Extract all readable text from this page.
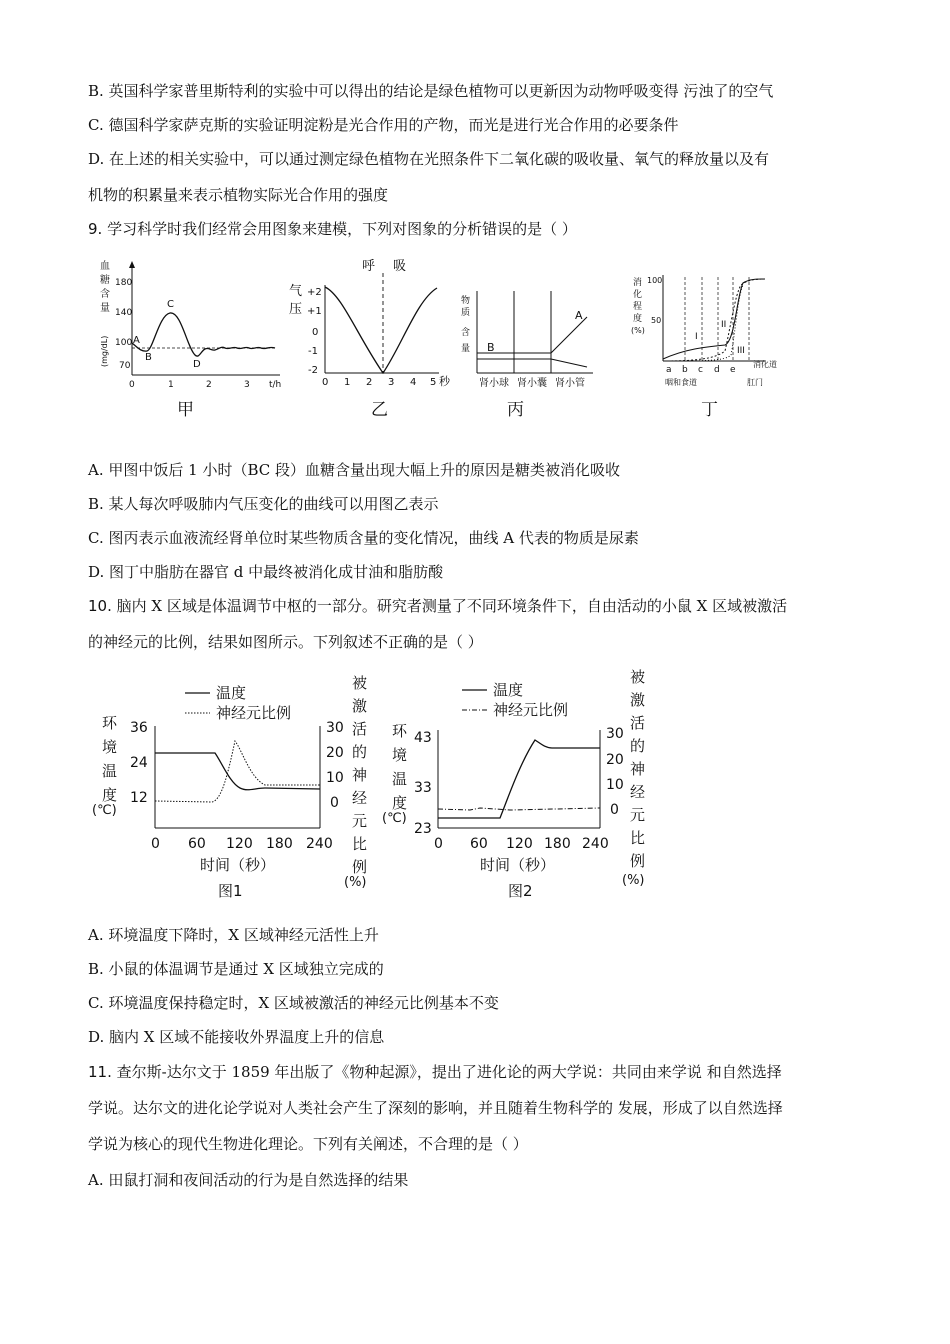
B. 英国科学家普里斯特利的实验中可以得出的结论是绿色植物可以更新因为动物呼吸变得 污浊了的空气
C. 德国科学家萨克斯的实验证明淀粉是光合作用的产物，而光是进行光合作用的必要条件
D. 在上述的相关实验中，可以通过测定绿色植物在光照条件下二氧化碳的吸收量、氧气的释放量以及有
机物的积累量来表示植物实际光合作用的强度
9. 学习科学时我们经常会用图象来建模，下列对图象的分析错误的是（ ）
血
糖
含
量
(mg/dL)
180
140
100
70
A
B
C
D
0	1	2	3 t/h
甲
气
压
+2
+1
0
-1
-2
呼 吸
0 1 2 3 4 5 秒
乙
物
质
含
量
A
B
肾小球 肾小囊 肾小管
丙
消
化
程
度
(%)
100
50
I
II
III
a b c d e
消化道
咽和食道	肛门
丁
A. 甲图中饭后 1 小时（BC 段）血糖含量出现大幅上升的原因是糖类被消化吸收
B. 某人每次呼吸肺内气压变化的曲线可以用图乙表示
C. 图丙表示血液流经肾单位时某些物质含量的变化情况，曲线 A 代表的物质是尿素
D. 图丁中脂肪在器官 d 中最终被消化成甘油和脂肪酸
10. 脑内 X 区域是体温调节中枢的一部分。研究者测量了不同环境条件下，自由活动的小鼠 X 区域被激活
的神经元的比例，结果如图所示。下列叙述不正确的是（ ）
温度
神经元比例
环
境
温
度
(℃)
36
24
12
30
20
10
0
被
激
活
的
神
经
元
比
例
(%)
0 60 120 180 240
时间（秒）
图1
温度
神经元比例
环
境
温
度
(℃)
43
33
23
30
20
10
0
被
激
活
的
神
经
元
比
例
(%)
0 60 120 180 240
时间（秒）
图2
A. 环境温度下降时，X 区域神经元活性上升
B. 小鼠的体温调节是通过 X 区域独立完成的
C. 环境温度保持稳定时，X 区域被激活的神经元比例基本不变
D. 脑内 X 区域不能接收外界温度上升的信息
11. 查尔斯-达尔文于 1859 年出版了《物种起源》，提出了进化论的两大学说：共同由来学说 和自然选择
学说。达尔文的进化论学说对人类社会产生了深刻的影响，并且随着生物科学的 发展，形成了以自然选择
学说为核心的现代生物进化理论。下列有关阐述，不合理的是（ ）
A. 田鼠打洞和夜间活动的行为是自然选择的结果
